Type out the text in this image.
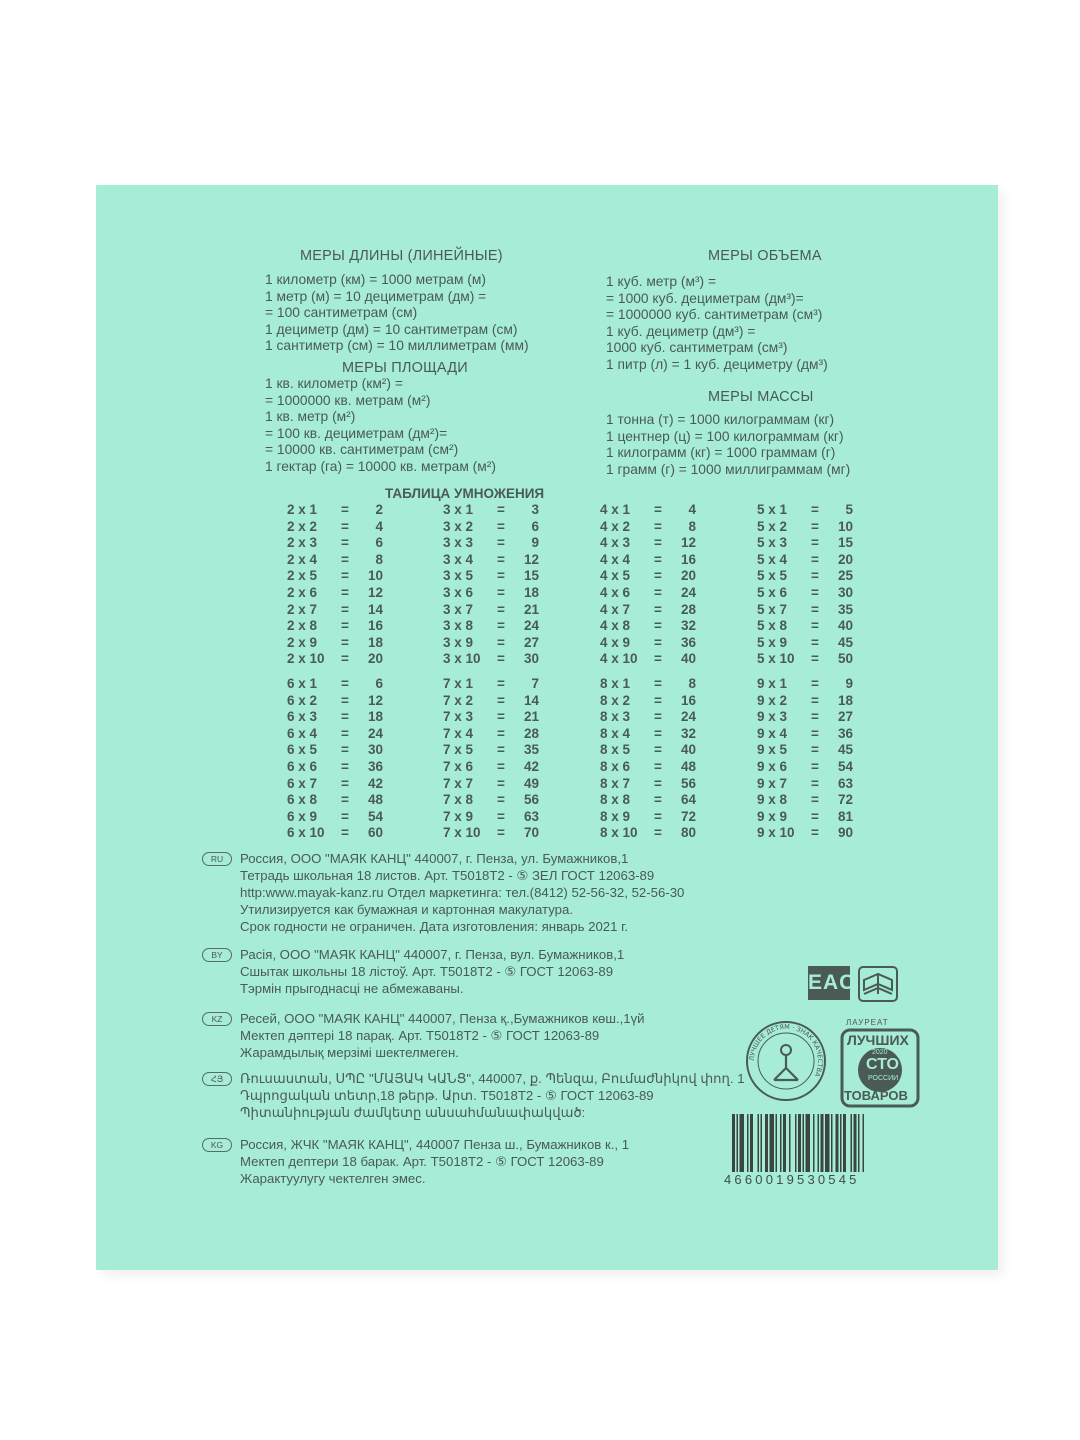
МЕРЫ ДЛИНЫ (ЛИНЕЙНЫЕ)
1 километр (км) = 1000 метрам (м)
1 метр (м) = 10 дециметрам (дм) =
= 100 сантиметрам (см)
1 дециметр (дм) = 10 сантиметрам (см)
1 сантиметр (см) = 10 миллиметрам (мм)
МЕРЫ ПЛОЩАДИ
1 кв. километр (км²) =
= 1000000 кв. метрам (м²)
1 кв. метр (м²)
= 100 кв. дециметрам (дм²)=
= 10000 кв. сантиметрам (см²)
1 гектар (га) = 10000 кв. метрам (м²)
МЕРЫ ОБЪЕМА
1 куб. метр (м³) =
= 1000 куб. дециметрам (дм³)=
= 1000000 куб. сантиметрам (см³)
1 куб. дециметр (дм³) =
1000 куб. сантиметрам (см³)
1 питр (л) = 1 куб. дециметру (дм³)
МЕРЫ МАССЫ
1 тонна (т) = 1000 килограммам (кг)
1 центнер (ц) = 100 килограммам (кг)
1 килограмм (кг) = 1000 граммам (г)
1 грамм (г) = 1000 миллиграммам (мг)
ТАБЛИЦА УМНОЖЕНИЯ
2 x 1	=	2
2 x 2	=	4
2 x 3	=	6
2 x 4	=	8
2 x 5	=	10
2 x 6	=	12
2 x 7	=	14
2 x 8	=	16
2 x 9	=	18
2 x 10	=	20
6 x 1	=	6
6 x 2	=	12
6 x 3	=	18
6 x 4	=	24
6 x 5	=	30
6 x 6	=	36
6 x 7	=	42
6 x 8	=	48
6 x 9	=	54
6 x 10	=	60
3 x 1	=	3
3 x 2	=	6
3 x 3	=	9
3 x 4	=	12
3 x 5	=	15
3 x 6	=	18
3 x 7	=	21
3 x 8	=	24
3 x 9	=	27
3 x 10	=	30
7 x 1	=	7
7 x 2	=	14
7 x 3	=	21
7 x 4	=	28
7 x 5	=	35
7 x 6	=	42
7 x 7	=	49
7 x 8	=	56
7 x 9	=	63
7 x 10	=	70
4 x 1	=	4
4 x 2	=	8
4 x 3	=	12
4 x 4	=	16
4 x 5	=	20
4 x 6	=	24
4 x 7	=	28
4 x 8	=	32
4 x 9	=	36
4 x 10	=	40
8 x 1	=	8
8 x 2	=	16
8 x 3	=	24
8 x 4	=	32
8 x 5	=	40
8 x 6	=	48
8 x 7	=	56
8 x 8	=	64
8 x 9	=	72
8 x 10	=	80
5 x 1	=	5
5 x 2	=	10
5 x 3	=	15
5 x 4	=	20
5 x 5	=	25
5 x 6	=	30
5 x 7	=	35
5 x 8	=	40
5 x 9	=	45
5 x 10	=	50
9 x 1	=	9
9 x 2	=	18
9 x 3	=	27
9 x 4	=	36
9 x 5	=	45
9 x 6	=	54
9 x 7	=	63
9 x 8	=	72
9 x 9	=	81
9 x 10	=	90
RU	Россия, ООО "МАЯК КАНЦ" 440007, г. Пенза, ул. Бумажников,1
Тетрадь школьная 18 листов. Арт. Т5018Т2 - ⑤ ЗЕЛ ГОСТ 12063-89
http:www.mayak-kanz.ru Отдел маркетинга: тел.(8412) 52-56-32, 52-56-30
Утилизируется как бумажная и картонная макулатура.
Срок годности не ограничен. Дата изготовления: январь 2021 г.
BY	Расія, ООО "МАЯК КАНЦ" 440007, г. Пенза, вул. Бумажников,1
Сшытак школьны 18 лістоў. Арт. Т5018Т2 - ⑤ ГОСТ 12063-89
Тэрмін прыгоднасці не абмежаваны.
KZ	Ресей, ООО "МАЯК КАНЦ" 440007, Пенза қ.,Бумажников көш.,1үй
Мектеп дәптері 18 парақ. Арт. Т5018Т2 - ⑤ ГОСТ 12063-89
Жарамдылық мерзімі шектелмеген.
ՀՅ	Ռուսաստան, ՍՊԸ "ՄԱՅԱԿ ԿԱՆՑ", 440007, ք. Պենզա, Բումաժնիկով փող. 1
Դպրոցական տետր,18 թերթ. Արտ. Т5018Т2 - ⑤ ГОСТ 12063-89
Պիտանիության ժամկետը անսահմանափակված:
KG	Россия, ЖЧК "МАЯК КАНЦ", 440007 Пенза ш., Бумажников к., 1
Мектеп дептери 18 барак. Арт. Т5018Т2 - ⑤ ГОСТ 12063-89
Жарактуулугу чектелген эмес.
EAC
ЛУЧШЕЕ ДЕТЯМ · ЗНАК КАЧЕСТВА
ЛАУРЕАТ
ЛУЧШИХ
2020
СТО
РОССИИ
ТОВАРОВ
4660019530545
